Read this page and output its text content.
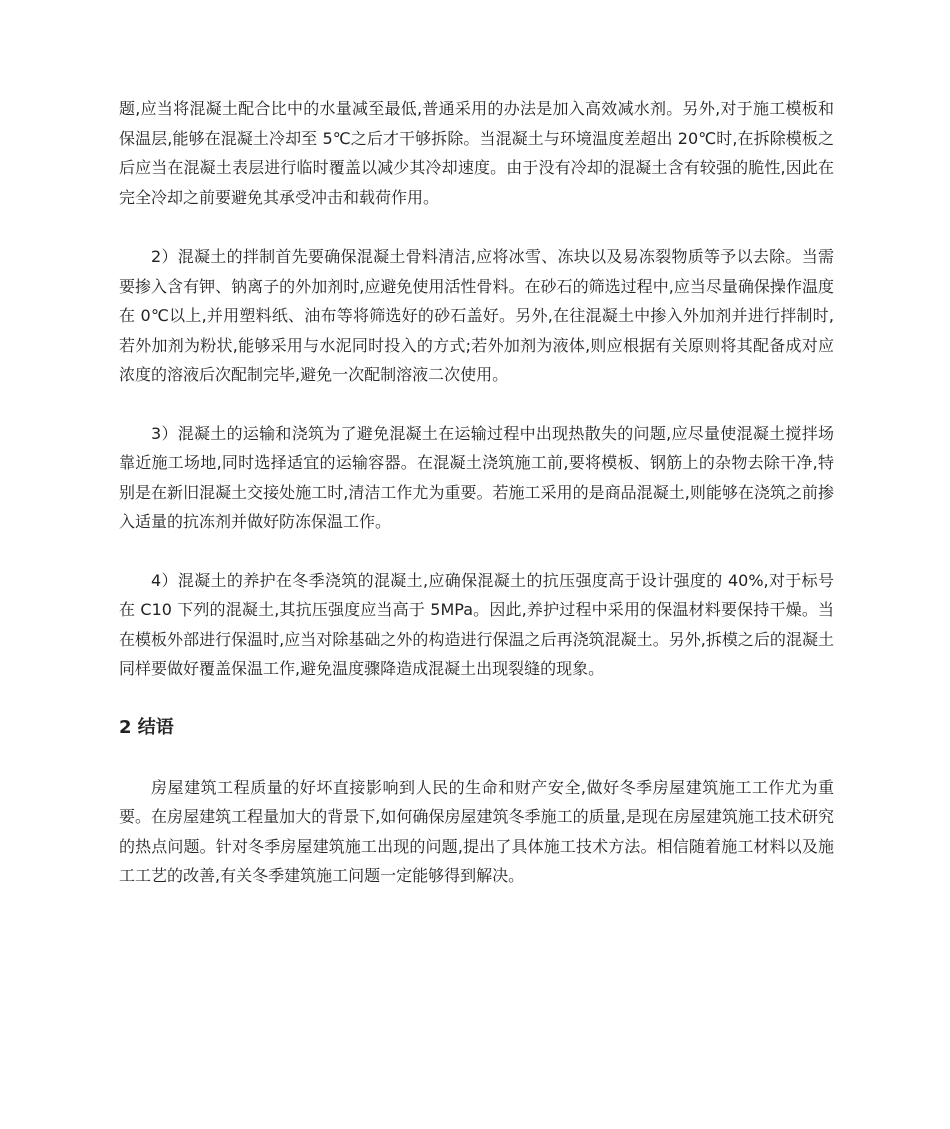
题,应当将混凝土配合比中的水量减至最低,普通采用的办法是加入高效减水剂。另外,对于施工模板和保温层,能够在混凝土冷却至 5℃之后才干够拆除。当混凝土与环境温度差超出 20℃时,在拆除模板之后应当在混凝土表层进行临时覆盖以减少其冷却速度。由于没有冷却的混凝土含有较强的脆性,因此在完全冷却之前要避免其承受冲击和载荷作用。

2）混凝土的拌制首先要确保混凝土骨料清洁,应将冰雪、冻块以及易冻裂物质等予以去除。当需要掺入含有钾、钠离子的外加剂时,应避免使用活性骨料。在砂石的筛选过程中,应当尽量确保操作温度在 0℃以上,并用塑料纸、油布等将筛选好的砂石盖好。另外,在往混凝土中掺入外加剂并进行拌制时,若外加剂为粉状,能够采用与水泥同时投入的方式;若外加剂为液体,则应根据有关原则将其配备成对应浓度的溶液后次配制完毕,避免一次配制溶液二次使用。

3）混凝土的运输和浇筑为了避免混凝土在运输过程中出现热散失的问题,应尽量使混凝土搅拌场靠近施工场地,同时选择适宜的运输容器。在混凝土浇筑施工前,要将模板、钢筋上的杂物去除干净,特别是在新旧混凝土交接处施工时,清洁工作尤为重要。若施工采用的是商品混凝土,则能够在浇筑之前掺入适量的抗冻剂并做好防冻保温工作。

4）混凝土的养护在冬季浇筑的混凝土,应确保混凝土的抗压强度高于设计强度的 40%,对于标号在 C10 下列的混凝土,其抗压强度应当高于 5MPa。因此,养护过程中采用的保温材料要保持干燥。当在模板外部进行保温时,应当对除基础之外的构造进行保温之后再浇筑混凝土。另外,拆模之后的混凝土同样要做好覆盖保温工作,避免温度骤降造成混凝土出现裂缝的现象。

2 结语

房屋建筑工程质量的好坏直接影响到人民的生命和财产安全,做好冬季房屋建筑施工工作尤为重要。在房屋建筑工程量加大的背景下,如何确保房屋建筑冬季施工的质量,是现在房屋建筑施工技术研究的热点问题。针对冬季房屋建筑施工出现的问题,提出了具体施工技术方法。相信随着施工材料以及施工工艺的改善,有关冬季建筑施工问题一定能够得到解决。
